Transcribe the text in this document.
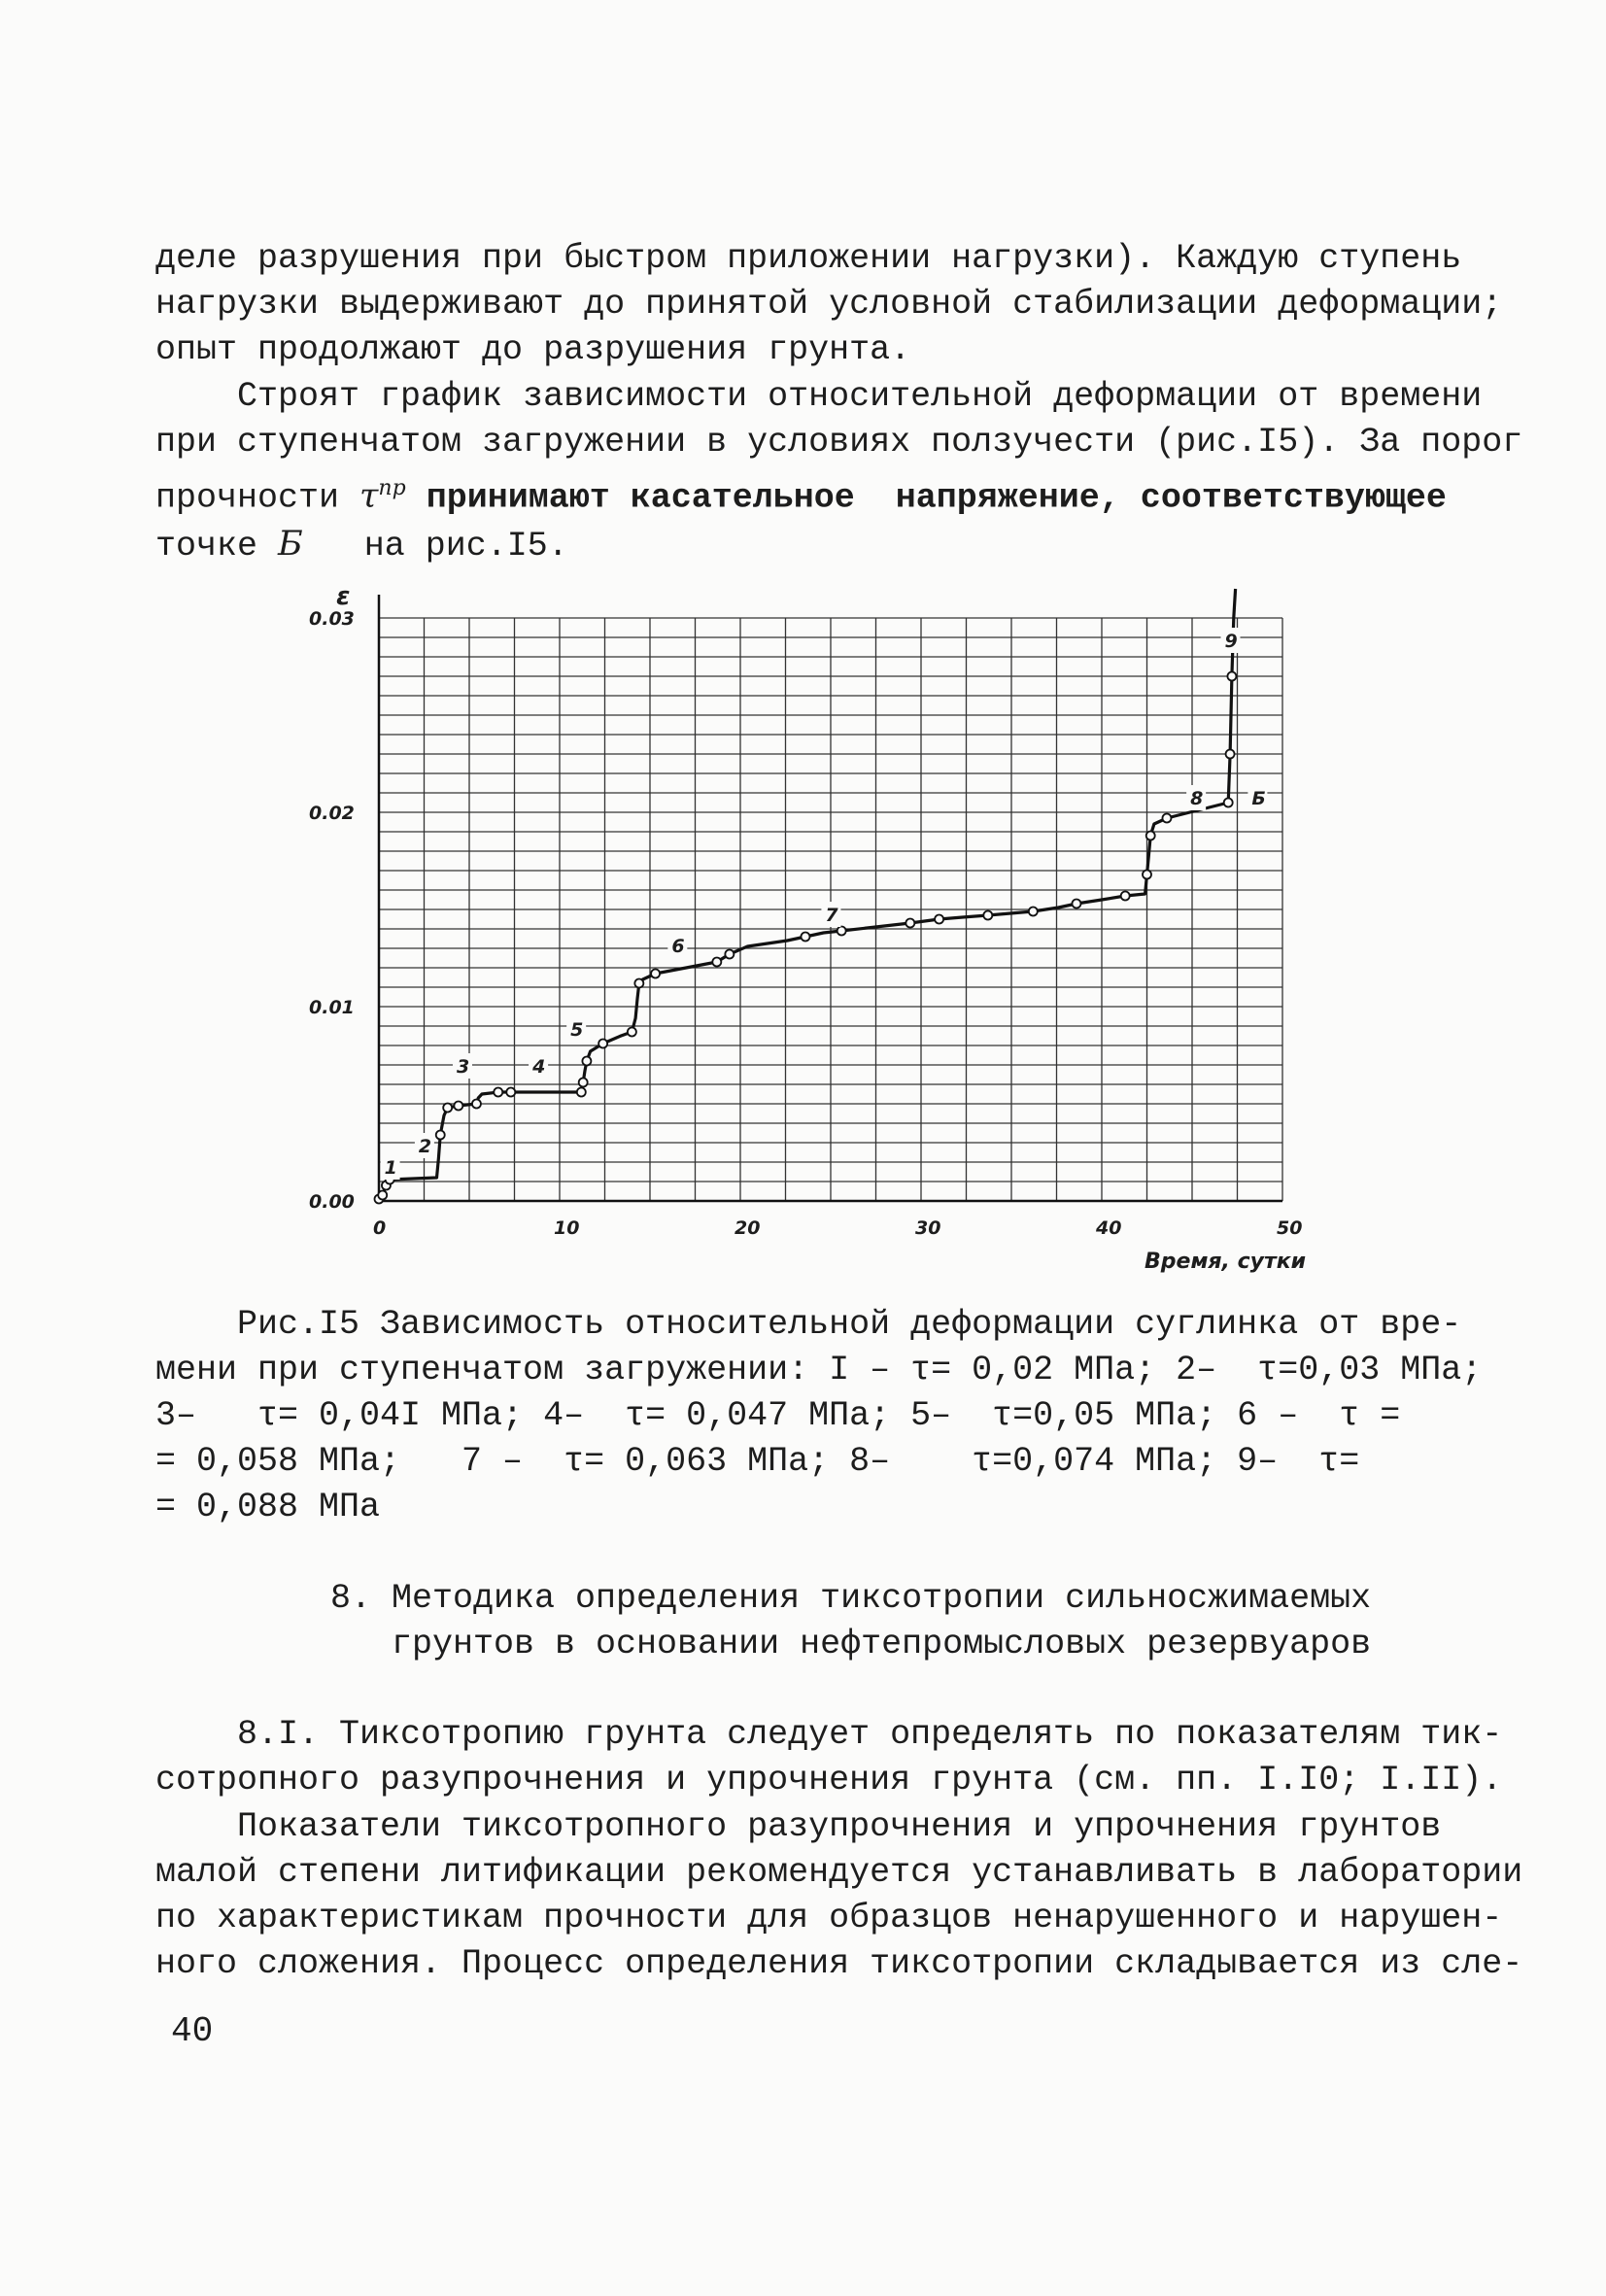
деле разрушения при быстром приложении нагрузки). Каждую ступень
нагрузки выдерживают до принятой условной стабилизации деформации;
опыт продолжают до разрушения грунта.
Строят график зависимости относительной деформации от времени
при ступенчатом загружении в условиях ползучести (рис.I5). За порог
прочности $\tau^{пр}$ принимают касательное  напряжение, соответствующее
точке Б   на рис.I5.
0	10	20	30	40	50
0.00
0.01
0.02
0.03
1
2
3	4
5
6
7
8
9
Б
ε
Время, сутки
Рис.I5 Зависимость относительной деформации суглинка от вре-
мени при ступенчатом загружении: I – τ= 0,02 МПа; 2–  τ=0,03 МПа;
3–   τ= 0,04I МПа; 4–  τ= 0,047 МПа; 5–  τ=0,05 МПа; 6 –  τ =
= 0,058 МПа;   7 –  τ= 0,063 МПа; 8–    τ=0,074 МПа; 9–  τ=
= 0,088 МПа
8. Методика определения тиксотропии сильносжимаемых
грунтов в основании нефтепромысловых резервуаров
8.I. Тиксотропию грунта следует определять по показателям тик-
сотропного разупрочнения и упрочнения грунта (см. пп. I.I0; I.II).
Показатели тиксотропного разупрочнения и упрочнения грунтов
малой степени литификации рекомендуется устанавливать в лаборатории
по характеристикам прочности для образцов ненарушенного и нарушен-
ного сложения. Процесс определения тиксотропии складывается из сле-
40
